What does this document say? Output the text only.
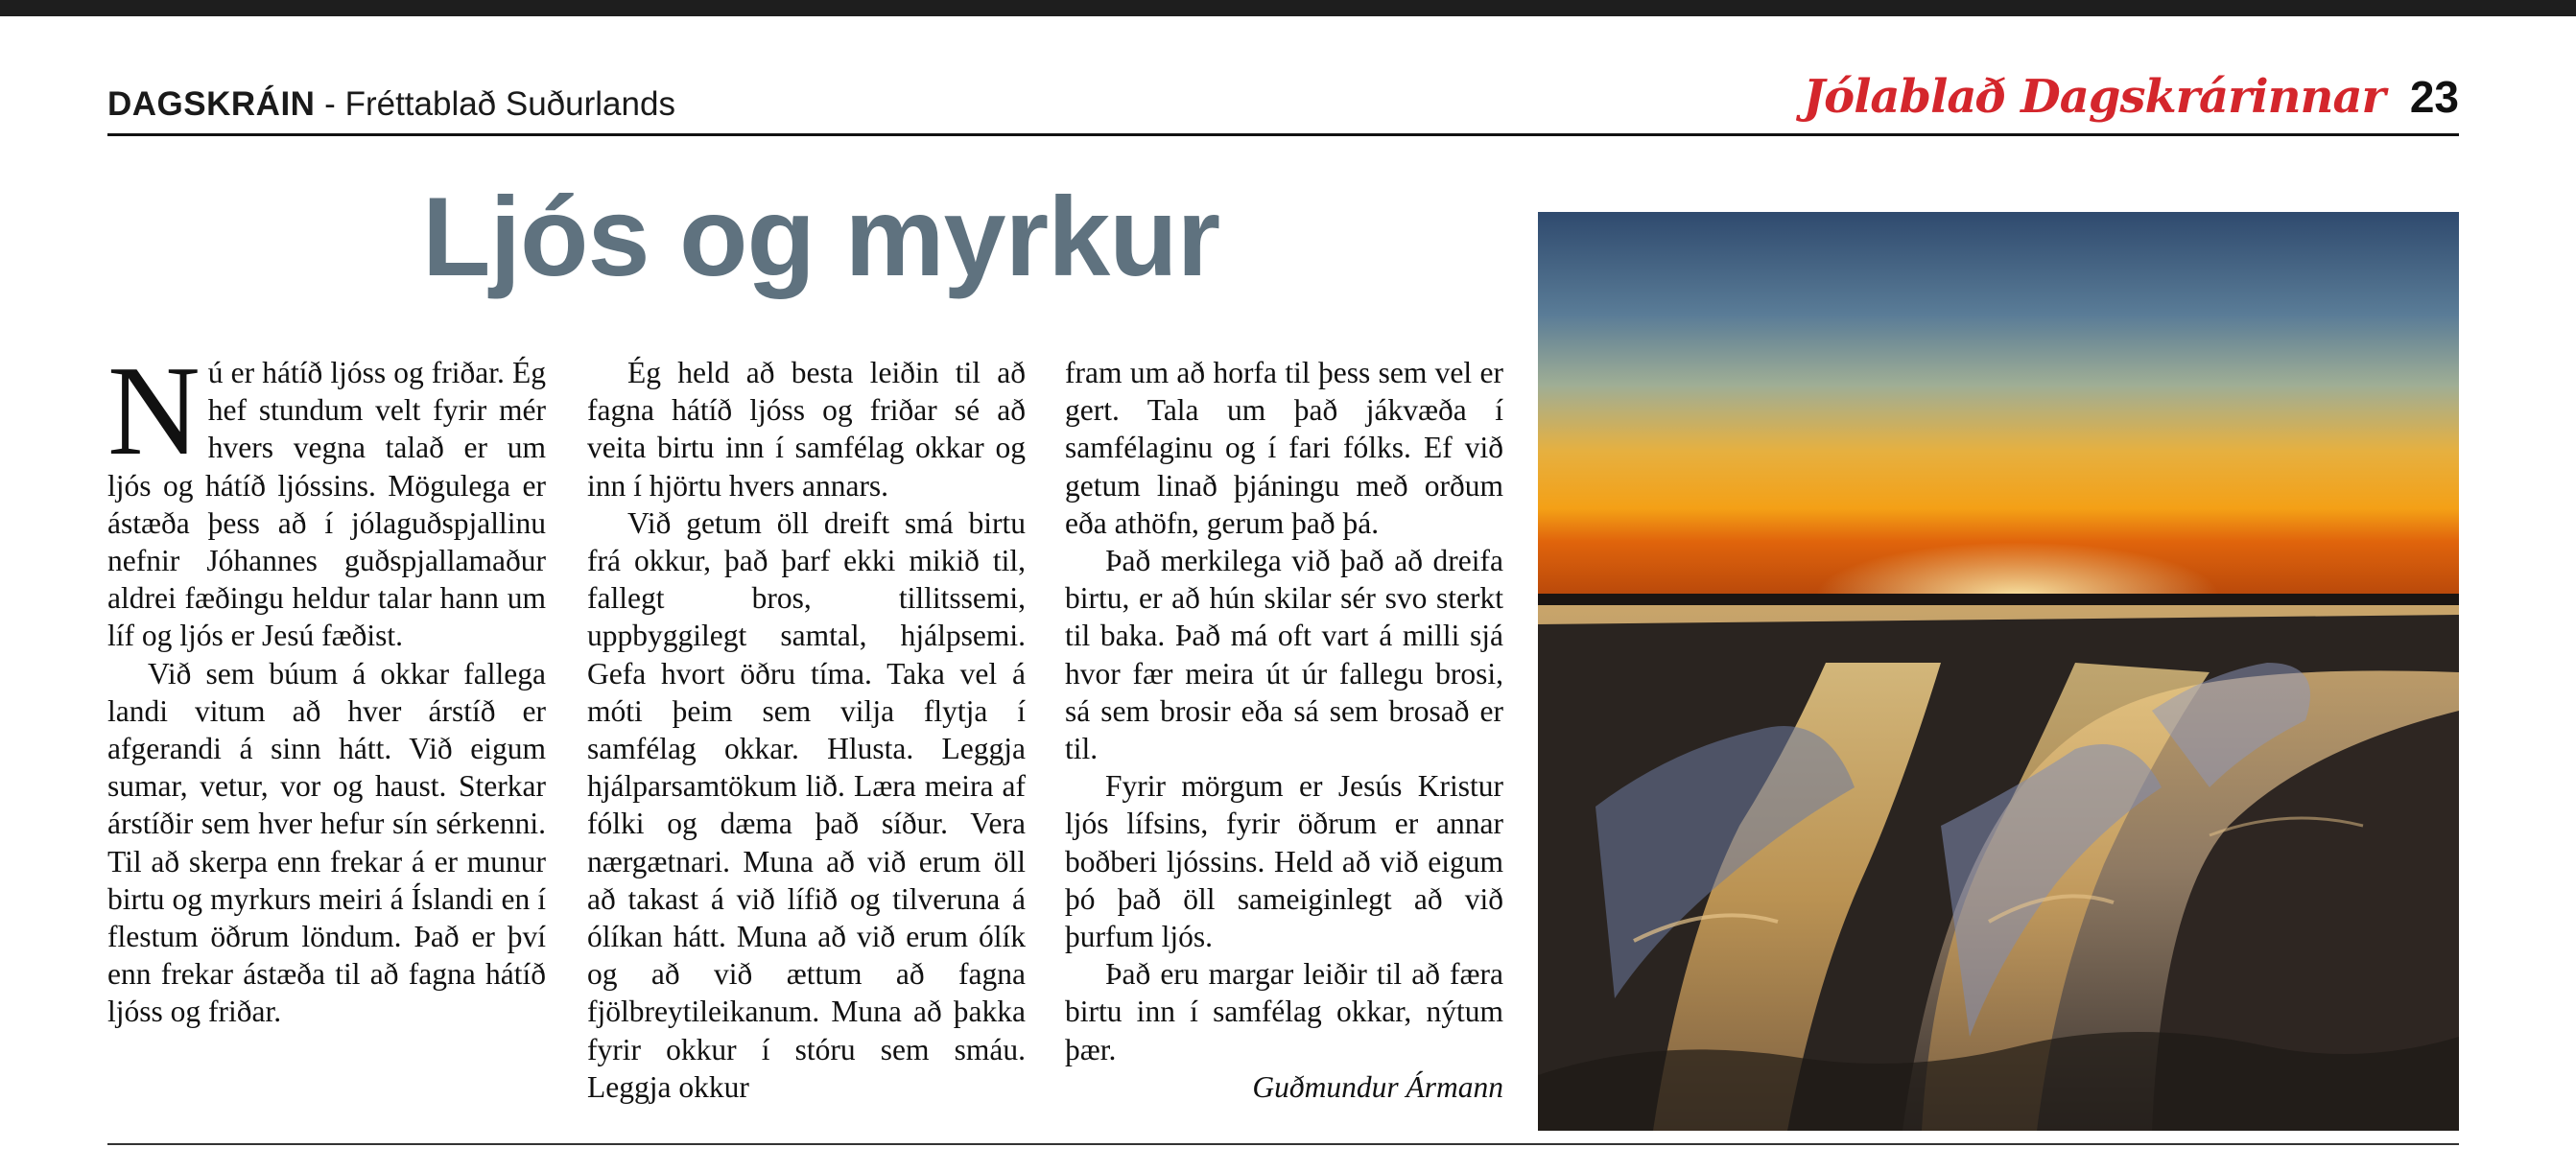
DAGSKRÁIN - Fréttablað Suðurlands	Jólablað Dagskrárinnar 23
Ljós og myrkur

Nú er hátíð ljóss og friðar. Ég hef stundum velt fyrir mér hvers vegna talað er um ljós og hátíð ljóssins. Mögulega er ástæða þess að í jólaguðspjallinu nefnir Jóhannes guðspjallamaður aldrei fæðingu heldur talar hann um líf og ljós er Jesú fæðist.

Við sem búum á okkar fallega landi vitum að hver árstíð er afgerandi á sinn hátt. Við eigum sumar, vetur, vor og haust. Sterkar árstíðir sem hver hefur sín sérkenni. Til að skerpa enn frekar á er munur birtu og myrkurs meiri á Íslandi en í flestum öðrum löndum. Það er því enn frekar ástæða til að fagna hátíð ljóss og friðar.

Ég held að besta leiðin til að fagna hátíð ljóss og friðar sé að veita birtu inn í samfélag okkar og inn í hjörtu hvers annars.

Við getum öll dreift smá birtu frá okkur, það þarf ekki mikið til, fallegt bros, tillitssemi, uppbyggilegt samtal, hjálpsemi. Gefa hvort öðru tíma. Taka vel á móti þeim sem vilja flytja í samfélag okkar. Hlusta. Leggja hjálparsamtökum lið. Læra meira af fólki og dæma það síður. Vera nærgætnari. Muna að við erum öll að takast á við lífið og tilveruna á ólíkan hátt. Muna að við erum ólík og að við ættum að fagna fjölbreytileikanum. Muna að þakka fyrir okkur í stóru sem smáu. Leggja okkur

fram um að horfa til þess sem vel er gert. Tala um það jákvæða í samfélaginu og í fari fólks. Ef við getum linað þjáningu með orðum eða athöfn, gerum það þá.

Það merkilega við það að dreifa birtu, er að hún skilar sér svo sterkt til baka. Það má oft vart á milli sjá hvor fær meira út úr fallegu brosi, sá sem brosir eða sá sem brosað er til.

Fyrir mörgum er Jesús Kristur ljós lífsins, fyrir öðrum er annar boðberi ljóssins. Held að við eigum þó það öll sameiginlegt að við þurfum ljós.

Það eru margar leiðir til að færa birtu inn í samfélag okkar, nýtum þær.

Guðmundur Ármann
